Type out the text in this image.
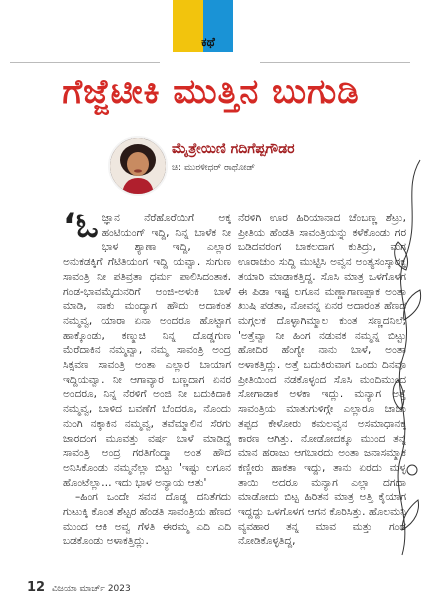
ಕಥೆ
ಗೆಜ್ಜೆಟೀಕಿ ಮುತ್ತಿನ ಬುಗುಡಿ
ಮೈತ್ರೇಯಿಣಿ ಗದಿಗೆಪ್ಪಗೌಡರ
ಚಿ: ಮುರಳೀಧರ್ ರಾಥೋಡ್

‘ಓ ಜ್ಞಾನ ನೆರೆಹೊರೆಯಿಗೆ ಅಕ್ಕ ಹಂಟಿಯಂಗ್ ಇದ್ದಿ, ನಿನ್ನ ಬಾಳೆಕ ನೀ ಭಾಳ ಶ್ಯಾಣಾ ಇದ್ದಿ, ಎಲ್ಲಾರ ಅನುಕಡಕ್ಕಿಗೆ ಗೆಟಿತಿಯಂಗ ಇದ್ದಿ ಯವ್ವಾ. ಸುಗುಣ ಸಾವಂತ್ರಿ ನೀ ಪತಿವ್ರತಾ ಧರ್ಮ ಪಾಲಿಸಿದಂತಾಕ. ಗಂಡ-ಭಾವಮೈದುನರಿಗೆ ಅಂಜಿ-ಅಳುಕಿ ಬಾಳೆ ಮಾಡಿ, ನಾಕು ಮಂದ್ಯಾಗ ಹೌದು ಅದಾಕಂತ ನಮ್ಮವ್ವ, ಯಾರಾ ಏನಾ ಅಂದರೂ ಹೊಟ್ಟಾಗ ಹಾಕ್ಕೊಂಡು, ಕಣ್ಮುಚಿ ನಿನ್ನ ದೊಡ್ಡಗುಣ ಮೆರೆದಾಕಿನ ನಮ್ಮವ್ವಾ, ನಮ್ಮ ಸಾವಂತ್ರಿ ಅಂದ್ರ ಸಿಕ್ಸವಣ ಸಾವಂತ್ರಿ ಅಂತಾ ಎಲ್ಲಾರ ಬಾಯಾಗ ಇದ್ದಿಯವ್ವಾ. ನೀ ಆಗಾವ್ಯಾರ ಬಣ್ಣದಾಗ ಏನರ ಅಂದರೂ, ನಿನ್ನ ನೆರಳಿಗೆ ಅಂಜಿ ನೀ ಬದುಕಿದಾಕಿ ನಮ್ಮವ್ವ, ಬಾಳಿದ ಬವಣೆಗೆ ಬೆಂದರೂ, ನೊಂದು ನುಂಗಿ ನಕ್ಕಾಕಿನ ನಮ್ಮವ್ವ, ತವೆಮ್ಮಾಲಿನ ಸೆರಗು ಜಾರದಂಗ ಮೂವತ್ತು ವರ್ಷ ಬಾಳೆ ಮಾಡಿದ್ದ ಸಾವಂತ್ರಿ ಅಂದ್ರ ಗರತಿಗೆಂದ್ಮಾ ಅಂತ ಹೌದ ಅನಿಸಿಕೊಂಡು ನಮ್ಮನೆಲ್ಲಾ ಬಿಟ್ಟು 'ಇಷ್ಟು ಲಗೂನ ಹೊಂಟೆಲ್ಲಾ… ಇದು ಭಾಳ ಅನ್ಯಾಯ ಆತು'

–ಹಿಂಗ ಒಂದೇ ಸವನ ದೊಡ್ಡ ದನಿತೆಗದು ಗುಟುಕ್ಕಿ ಕೊಂತ ಶೆಟ್ಟರ ಹೆಂಡತಿ ಸಾವಂತ್ರಿಯ ಹೆಣದ ಮುಂದ ಆಕಿ ಅವ್ವ ಗೆಳತಿ ಈರಮ್ಮ ಎದಿ ಎದಿ ಬಡಕೊಂಡು ಅಳಾಕತ್ತಿದ್ಲು.

ನೆರಳಿಗಿ ಊರ ಹಿರಿಯಾನಾದ ಚೆಂಬಣ್ಣ ಶೆಟ್ರು, ಪ್ರೀತಿಯ ಹೆಂಡತಿ ಸಾವಂತ್ರಿಯನ್ನು ಕಳೆಕೊಂಡು ಗರ ಬಡಿದವರಂಗ ಬಾಕಲದಾಗ ಕುತಿದ್ರು, ಮಗ ಊರಾಚುಂ ಸುದ್ದಿ ಮುಟ್ಟಿಸಿ ಅವ್ವನ ಅಂತ್ಯಸಂಸ್ಕಾರಕ್ಕ ತಯಾರಿ ಮಾಡಾಕತ್ತಿದ್ದ. ಸೊಸಿ ಮಾತ್ರ ಒಳಗೊಳಗ ಈ ಪಿಡಾ ಇಷ್ಟ ಲಗೂನ ಮಣ್ಣಾಗಾಣಪ್ಪಾಕ ಅಂತಾ ಖುಷಿ ಪಡತಾ, ನೋವನ್ನ ಏನರ ಅದಾರಂತ ಹೆಣದ ಮಗ್ಗಲಕ ದೊಳ್ಳಾಗಿಮ್ಮಾಲ ಕುಂತ ಸಣ್ಣದನಿಲೆ, 'ಅತ್ತೆವ್ವಾ ನೀ ಹಿಂಗ ನಡುವಕ ನಮ್ಮನ್ನ ಬಿಟ್ಟು ಹೋದಿರ ಹೆಂಗ್ಯೇ ನಾನು ಬಾಳೆ, ಅಂತಾ ಅಳಾಕತ್ತಿದ್ಲು. ಅತ್ತೆ ಬದುಕಿರುವಾಗ ಒಂದು ದಿನವೂ ಪ್ರೀತಿಯಿಂದ ನಡಕೊಳ್ಳಂದ ಸೊಸಿ ಮಂದಿಮುಂದ ಸೋಗಾಡಾಕ ಅಳಕಾ ಇದ್ಲು. ಮನ್ಯಾಗ ಅತ್ತೆ ಸಾವಂತ್ರಿಯ ಮಾತುಗುಳಿಗ್ಗೇ ಎಲ್ಲಾರೂ ಚಾಚು ತಪ್ಪದ ಕೇಳೋರು ಕಮಲವ್ವನ ಅಸಮಾಧಾನಕ್ಕ ಕಾರಣ ಆಗಿತ್ತು. ನೋಡೋದಕ್ಕೂ ಮುಂದ ತನ್ನ ಮಾನ ಹರಾಜು ಆಗಬಾರದು ಅಂತಾ ಜನಾಸಮ್ಮಾಕ ಕಣ್ಣೀರು ಹಾಕತಾ ಇದ್ದು, ತಾನು ಏರದು ಮಳ್ಳ ತಾಯಿ ಅದರೂ ಮನ್ಯಾಗ ಎಲ್ಲಾ ದಗದಾ ಮಾಡೋದು ಬಿಟ್ಟ ಹಿರಿತನ ಮಾತ್ರ ಅತ್ತಿ ಕೈಯಾಗ ಇದ್ದದ್ದು ಒಳಗೊಳಗ ಆಗನ ಕೊರಿಸಿತ್ತು. ಹೊಲಮನಿ ವ್ಯವಹಾರ ತನ್ನ ಮಾವ ಮತ್ತು ಗಂಡ ನೋಡಿಕೊಳ್ಳತಿದ್ದ,

12 ವಿಜಯಾ ಮಾರ್ಚ್ 2023
